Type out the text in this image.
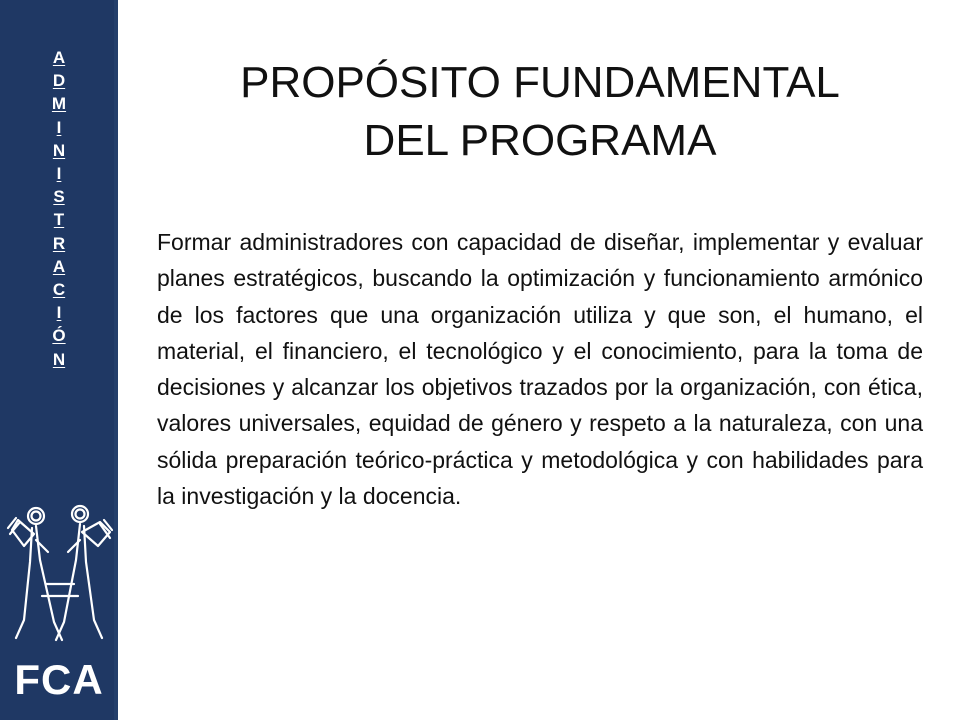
A
D
M
I
N
I
S
T
R
A
C
I
Ó
N
FCA
PROPÓSITO FUNDAMENTAL
DEL PROGRAMA

Formar administradores con capacidad de diseñar, implementar y evaluar planes estratégicos, buscando la optimización y funcionamiento armónico de los factores que una organización utiliza y que son, el humano, el material, el financiero, el tecnológico y el conocimiento, para la toma de decisiones y alcanzar los objetivos trazados por la organización, con ética, valores universales, equidad de género y respeto a la naturaleza, con una sólida preparación teórico-práctica y metodológica y con habilidades para la investigación y la docencia.
